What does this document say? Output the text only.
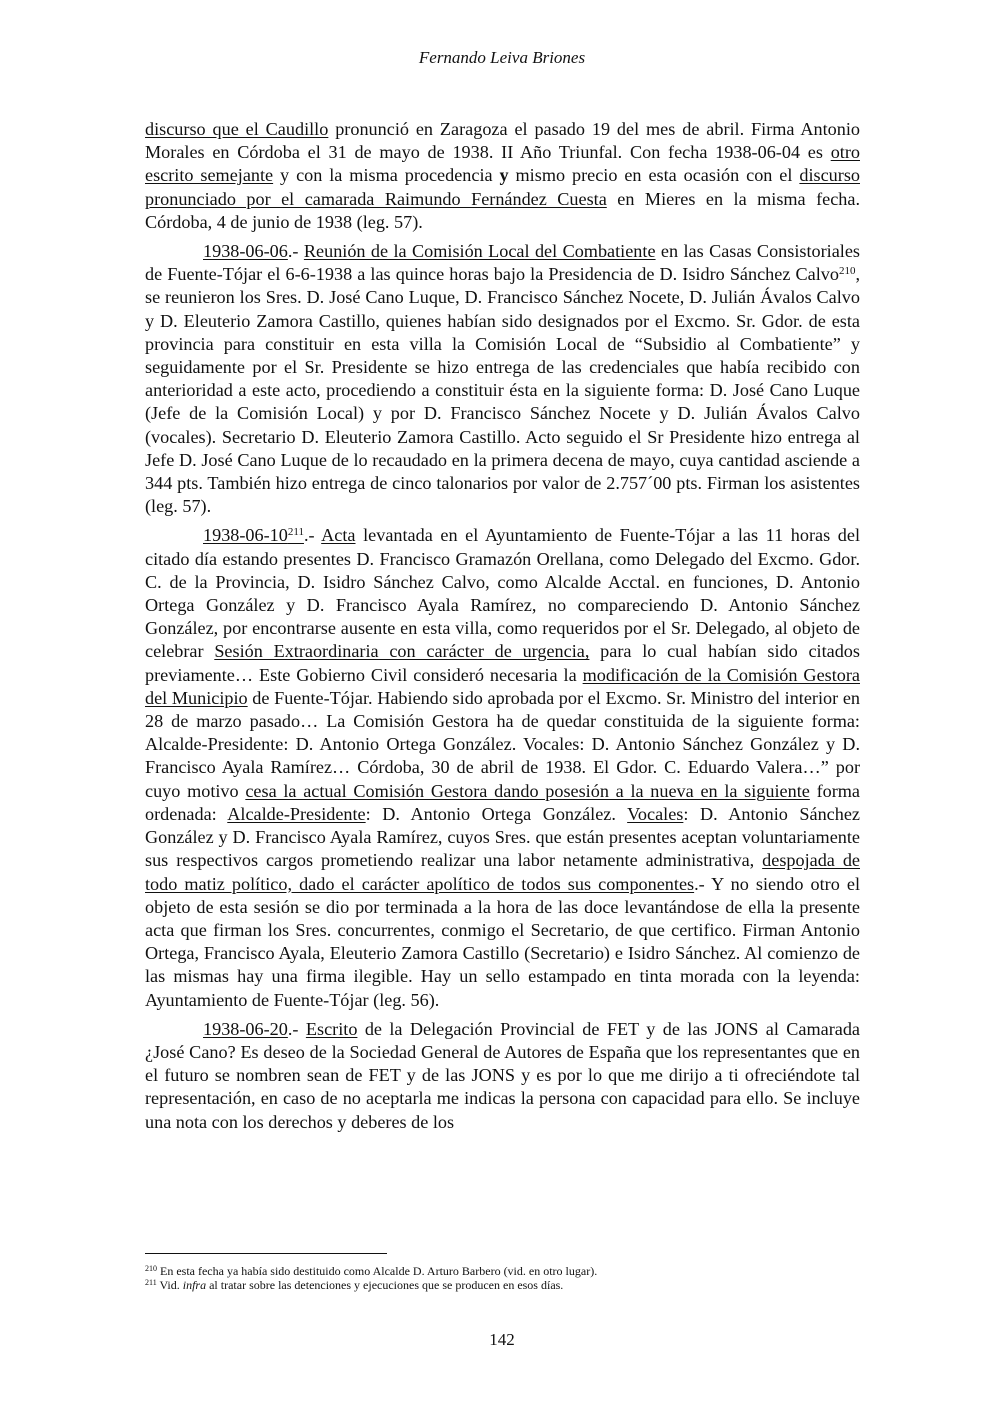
Fernando Leiva Briones

discurso que el Caudillo pronunció en Zaragoza el pasado 19 del mes de abril. Firma Antonio Morales en Córdoba el 31 de mayo de 1938. II Año Triunfal. Con fecha 1938-06-04 es otro escrito semejante y con la misma procedencia y mismo precio en esta ocasión con el discurso pronunciado por el camarada Raimundo Fernández Cuesta en Mieres en la misma fecha. Córdoba, 4 de junio de 1938 (leg. 57).

1938-06-06.- Reunión de la Comisión Local del Combatiente en las Casas Consistoriales de Fuente-Tójar el 6-6-1938 a las quince horas bajo la Presidencia de D. Isidro Sánchez Calvo$^{210}$, se reunieron los Sres. D. José Cano Luque, D. Francisco Sánchez Nocete, D. Julián Ávalos Calvo y D. Eleuterio Zamora Castillo, quienes habían sido designados por el Excmo. Sr. Gdor. de esta provincia para constituir en esta villa la Comisión Local de “Subsidio al Combatiente” y seguidamente por el Sr. Presidente se hizo entrega de las credenciales que había recibido con anterioridad a este acto, procediendo a constituir ésta en la siguiente forma: D. José Cano Luque (Jefe de la Comisión Local) y por D. Francisco Sánchez Nocete y D. Julián Ávalos Calvo (vocales). Secretario D. Eleuterio Zamora Castillo. Acto seguido el Sr Presidente hizo entrega al Jefe D. José Cano Luque de lo recaudado en la primera decena de mayo, cuya cantidad asciende a 344 pts. También hizo entrega de cinco talonarios por valor de 2.757´00 pts. Firman los asistentes (leg. 57).

$1938-06-10^{211}.-$ Acta levantada en el Ayuntamiento de Fuente-Tójar a las 11 horas del citado día estando presentes D. Francisco Gramazón Orellana, como Delegado del Excmo. Gdor. C. de la Provincia, D. Isidro Sánchez Calvo, como Alcalde Acctal. en funciones, D. Antonio Ortega González y D. Francisco Ayala Ramírez, no compareciendo D. Antonio Sánchez González, por encontrarse ausente en esta villa, como requeridos por el Sr. Delegado, al objeto de celebrar Sesión Extraordinaria con carácter de urgencia, para lo cual habían sido citados previamente… Este Gobierno Civil consideró necesaria la modificación de la Comisión Gestora del Municipio de Fuente-Tójar. Habiendo sido aprobada por el Excmo. Sr. Ministro del interior en 28 de marzo pasado… La Comisión Gestora ha de quedar constituida de la siguiente forma: Alcalde-Presidente: D. Antonio Ortega González. Vocales: D. Antonio Sánchez González y D. Francisco Ayala Ramírez… Córdoba, 30 de abril de 1938. El Gdor. C. Eduardo Valera…” por cuyo motivo cesa la actual Comisión Gestora dando posesión a la nueva en la siguiente forma ordenada: Alcalde-Presidente: D. Antonio Ortega González. Vocales: D. Antonio Sánchez González y D. Francisco Ayala Ramírez, cuyos Sres. que están presentes aceptan voluntariamente sus respectivos cargos prometiendo realizar una labor netamente administrativa, despojada de todo matiz político, dado el carácter apolítico de todos sus componentes.- Y no siendo otro el objeto de esta sesión se dio por terminada a la hora de las doce levantándose de ella la presente acta que firman los Sres. concurrentes, conmigo el Secretario, de que certifico. Firman Antonio Ortega, Francisco Ayala, Eleuterio Zamora Castillo (Secretario) e Isidro Sánchez. Al comienzo de las mismas hay una firma ilegible. Hay un sello estampado en tinta morada con la leyenda: Ayuntamiento de Fuente-Tójar (leg. 56).

1938-06-20.- Escrito de la Delegación Provincial de FET y de las JONS al Camarada ¿José Cano? Es deseo de la Sociedad General de Autores de España que los representantes que en el futuro se nombren sean de FET y de las JONS y es por lo que me dirijo a ti ofreciéndote tal representación, en caso de no aceptarla me indicas la persona con capacidad para ello. Se incluye una nota con los derechos y deberes de los

$^{210}$ En esta fecha ya había sido destituido como Alcalde D. Arturo Barbero (vid. en otro lugar).
$^{211}$ Vid. infra al tratar sobre las detenciones y ejecuciones que se producen en esos días.
142
